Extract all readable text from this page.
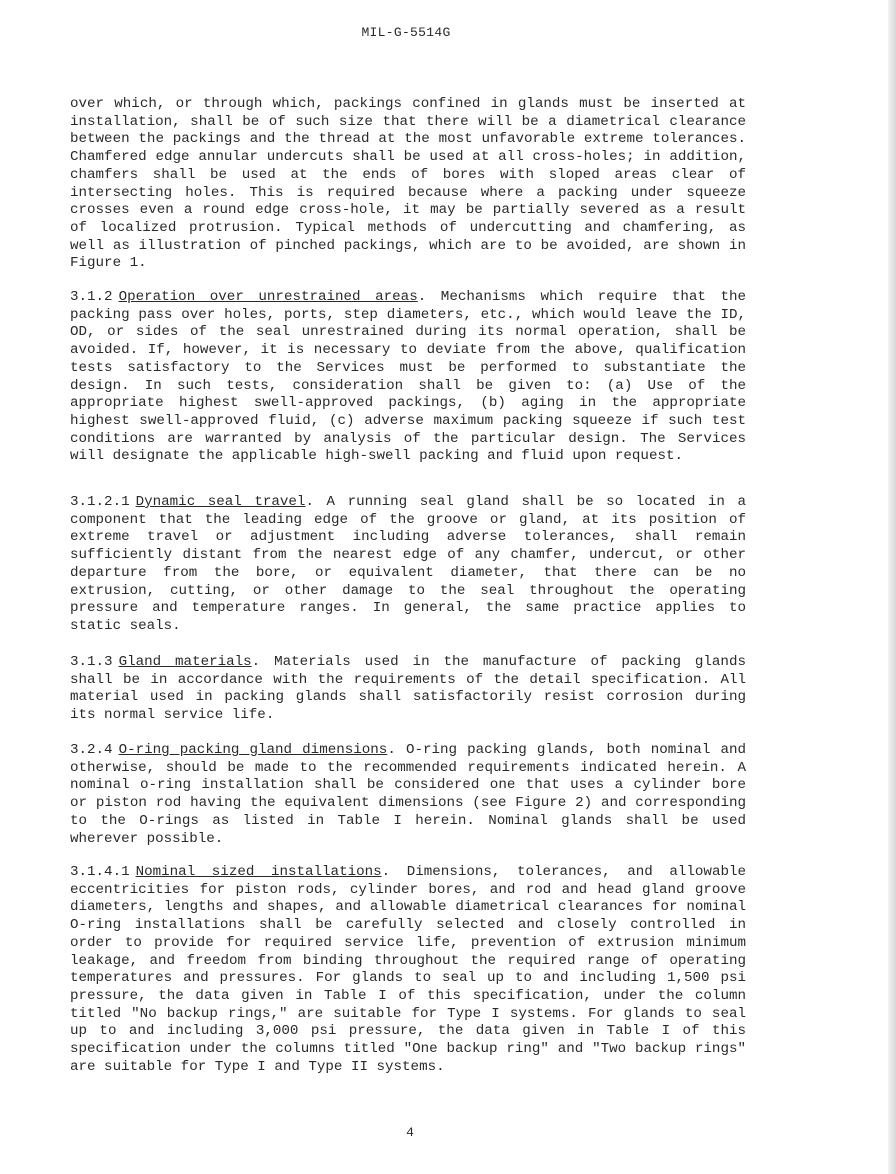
MIL-G-5514G
over which, or through which, packings confined in glands must be inserted at installation, shall be of such size that there will be a diametrical clearance between the packings and the thread at the most unfavorable extreme tolerances. Chamfered edge annular undercuts shall be used at all cross-holes; in addition, chamfers shall be used at the ends of bores with sloped areas clear of intersecting holes. This is required because where a packing under squeeze crosses even a round edge cross-hole, it may be partially severed as a result of localized protrusion. Typical methods of undercutting and chamfering, as well as illustration of pinched packings, which are to be avoided, are shown in Figure 1.
3.1.2 Operation over unrestrained areas. Mechanisms which require that the packing pass over holes, ports, step diameters, etc., which would leave the ID, OD, or sides of the seal unrestrained during its normal operation, shall be avoided. If, however, it is necessary to deviate from the above, qualification tests satisfactory to the Services must be performed to substantiate the design. In such tests, consideration shall be given to: (a) Use of the appropriate highest swell-approved packings, (b) aging in the appropriate highest swell-approved fluid, (c) adverse maximum packing squeeze if such test conditions are warranted by analysis of the particular design. The Services will designate the applicable high-swell packing and fluid upon request.
3.1.2.1 Dynamic seal travel. A running seal gland shall be so located in a component that the leading edge of the groove or gland, at its position of extreme travel or adjustment including adverse tolerances, shall remain sufficiently distant from the nearest edge of any chamfer, undercut, or other departure from the bore, or equivalent diameter, that there can be no extrusion, cutting, or other damage to the seal throughout the operating pressure and temperature ranges. In general, the same practice applies to static seals.
3.1.3 Gland materials. Materials used in the manufacture of packing glands shall be in accordance with the requirements of the detail specification. All material used in packing glands shall satisfactorily resist corrosion during its normal service life.
3.2.4 O-ring packing gland dimensions. O-ring packing glands, both nominal and otherwise, should be made to the recommended requirements indicated herein. A nominal o-ring installation shall be considered one that uses a cylinder bore or piston rod having the equivalent dimensions (see Figure 2) and corresponding to the O-rings as listed in Table I herein. Nominal glands shall be used wherever possible.
3.1.4.1 Nominal sized installations. Dimensions, tolerances, and allowable eccentricities for piston rods, cylinder bores, and rod and head gland groove diameters, lengths and shapes, and allowable diametrical clearances for nominal O-ring installations shall be carefully selected and closely controlled in order to provide for required service life, prevention of extrusion minimum leakage, and freedom from binding throughout the required range of operating temperatures and pressures. For glands to seal up to and including 1,500 psi pressure, the data given in Table I of this specification, under the column titled "No backup rings," are suitable for Type I systems. For glands to seal up to and including 3,000 psi pressure, the data given in Table I of this specification under the columns titled "One backup ring" and "Two backup rings" are suitable for Type I and Type II systems.
4
